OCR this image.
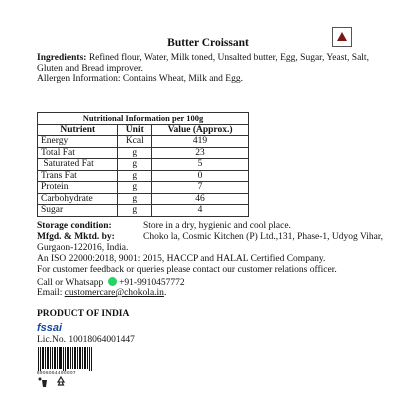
Butter Croissant
Ingredients: Refined flour, Water, Milk toned, Unsalted butter, Egg, Sugar, Yeast, Salt, Gluten and Bread improver.
Allergen Information: Contains Wheat, Milk and Egg.
Nutritional Information per 100g		
Nutrient	Unit	Value (Approx.)
Energy	Kcal	419
Total Fat	g	23
Saturated Fat	g	5
Trans Fat	g	0
Protein	g	7
Carbohydrate	g	46
Sugar	g	4
Storage condition:	Store in a dry, hygienic and cool place.
Mfgd. & Mktd. by:	Choko la, Cosmic Kitchen (P) Ltd.,131, Phase-1, Udyog Vihar, Gurgaon-122016, India.
An ISO 22000:2018, 9001: 2015, HACCP and HALAL Certified Company.
For customer feedback or queries please contact our customer relations officer.
Call or Whatsapp +91-9910457772
Email: customercare@chokola.in.
PRODUCT OF INDIA
fssai
Lic.No. 10018064001447
8906064490007
